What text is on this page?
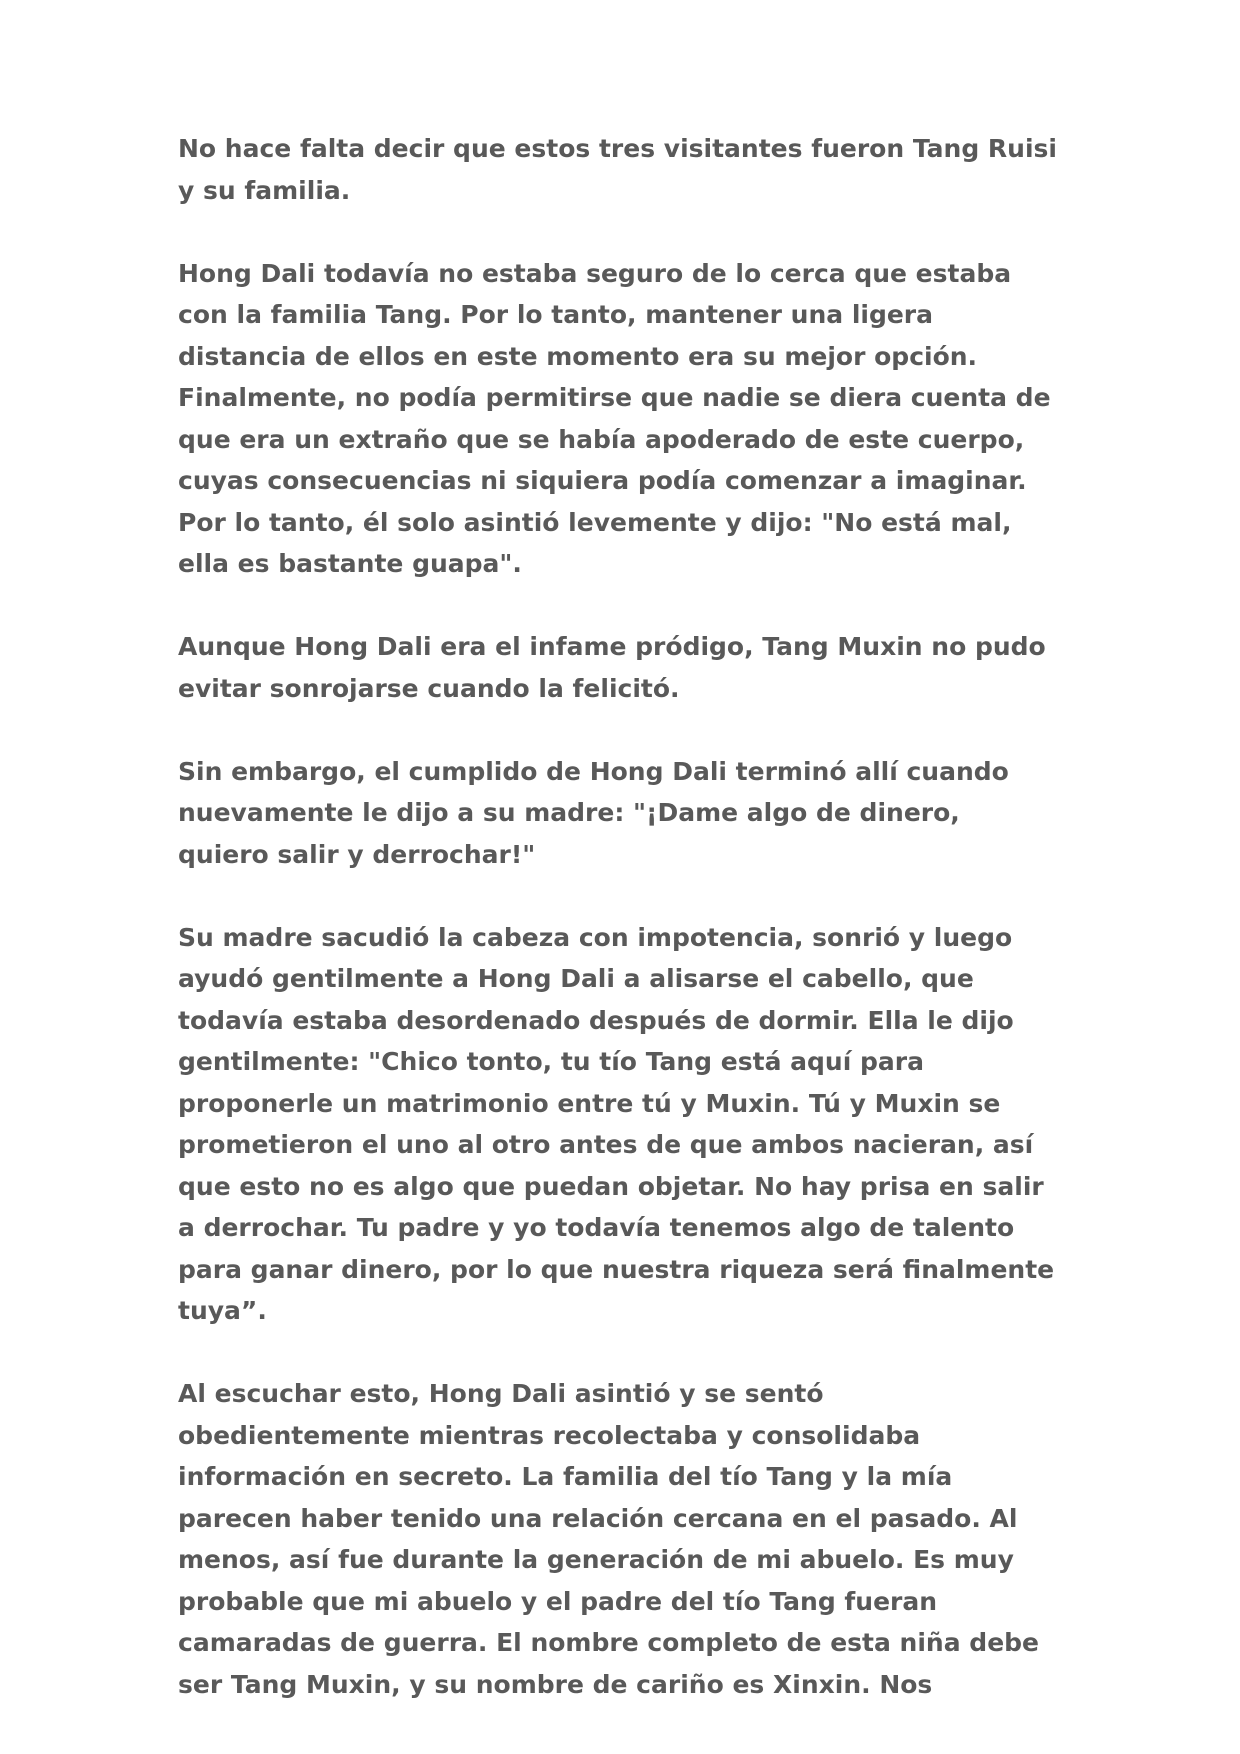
No hace falta decir que estos tres visitantes fueron Tang Ruisi y su familia.

Hong Dali todavía no estaba seguro de lo cerca que estaba con la familia Tang. Por lo tanto, mantener una ligera distancia de ellos en este momento era su mejor opción. Finalmente, no podía permitirse que nadie se diera cuenta de que era un extraño que se había apoderado de este cuerpo, cuyas consecuencias ni siquiera podía comenzar a imaginar. Por lo tanto, él solo asintió levemente y dijo: "No está mal, ella es bastante guapa".

Aunque Hong Dali era el infame pródigo, Tang Muxin no pudo evitar sonrojarse cuando la felicitó.

Sin embargo, el cumplido de Hong Dali terminó allí cuando nuevamente le dijo a su madre: "¡Dame algo de dinero, quiero salir y derrochar!"

Su madre sacudió la cabeza con impotencia, sonrió y luego ayudó gentilmente a Hong Dali a alisarse el cabello, que todavía estaba desordenado después de dormir. Ella le dijo gentilmente: "Chico tonto, tu tío Tang está aquí para proponerle un matrimonio entre tú y Muxin. Tú y Muxin se prometieron el uno al otro antes de que ambos nacieran, así que esto no es algo que puedan objetar. No hay prisa en salir a derrochar. Tu padre y yo todavía tenemos algo de talento para ganar dinero, por lo que nuestra riqueza será finalmente tuya”.

Al escuchar esto, Hong Dali asintió y se sentó obedientemente mientras recolectaba y consolidaba información en secreto. La familia del tío Tang y la mía parecen haber tenido una relación cercana en el pasado. Al menos, así fue durante la generación de mi abuelo. Es muy probable que mi abuelo y el padre del tío Tang fueran camaradas de guerra. El nombre completo de esta niña debe ser Tang Muxin, y su nombre de cariño es Xinxin. Nos
